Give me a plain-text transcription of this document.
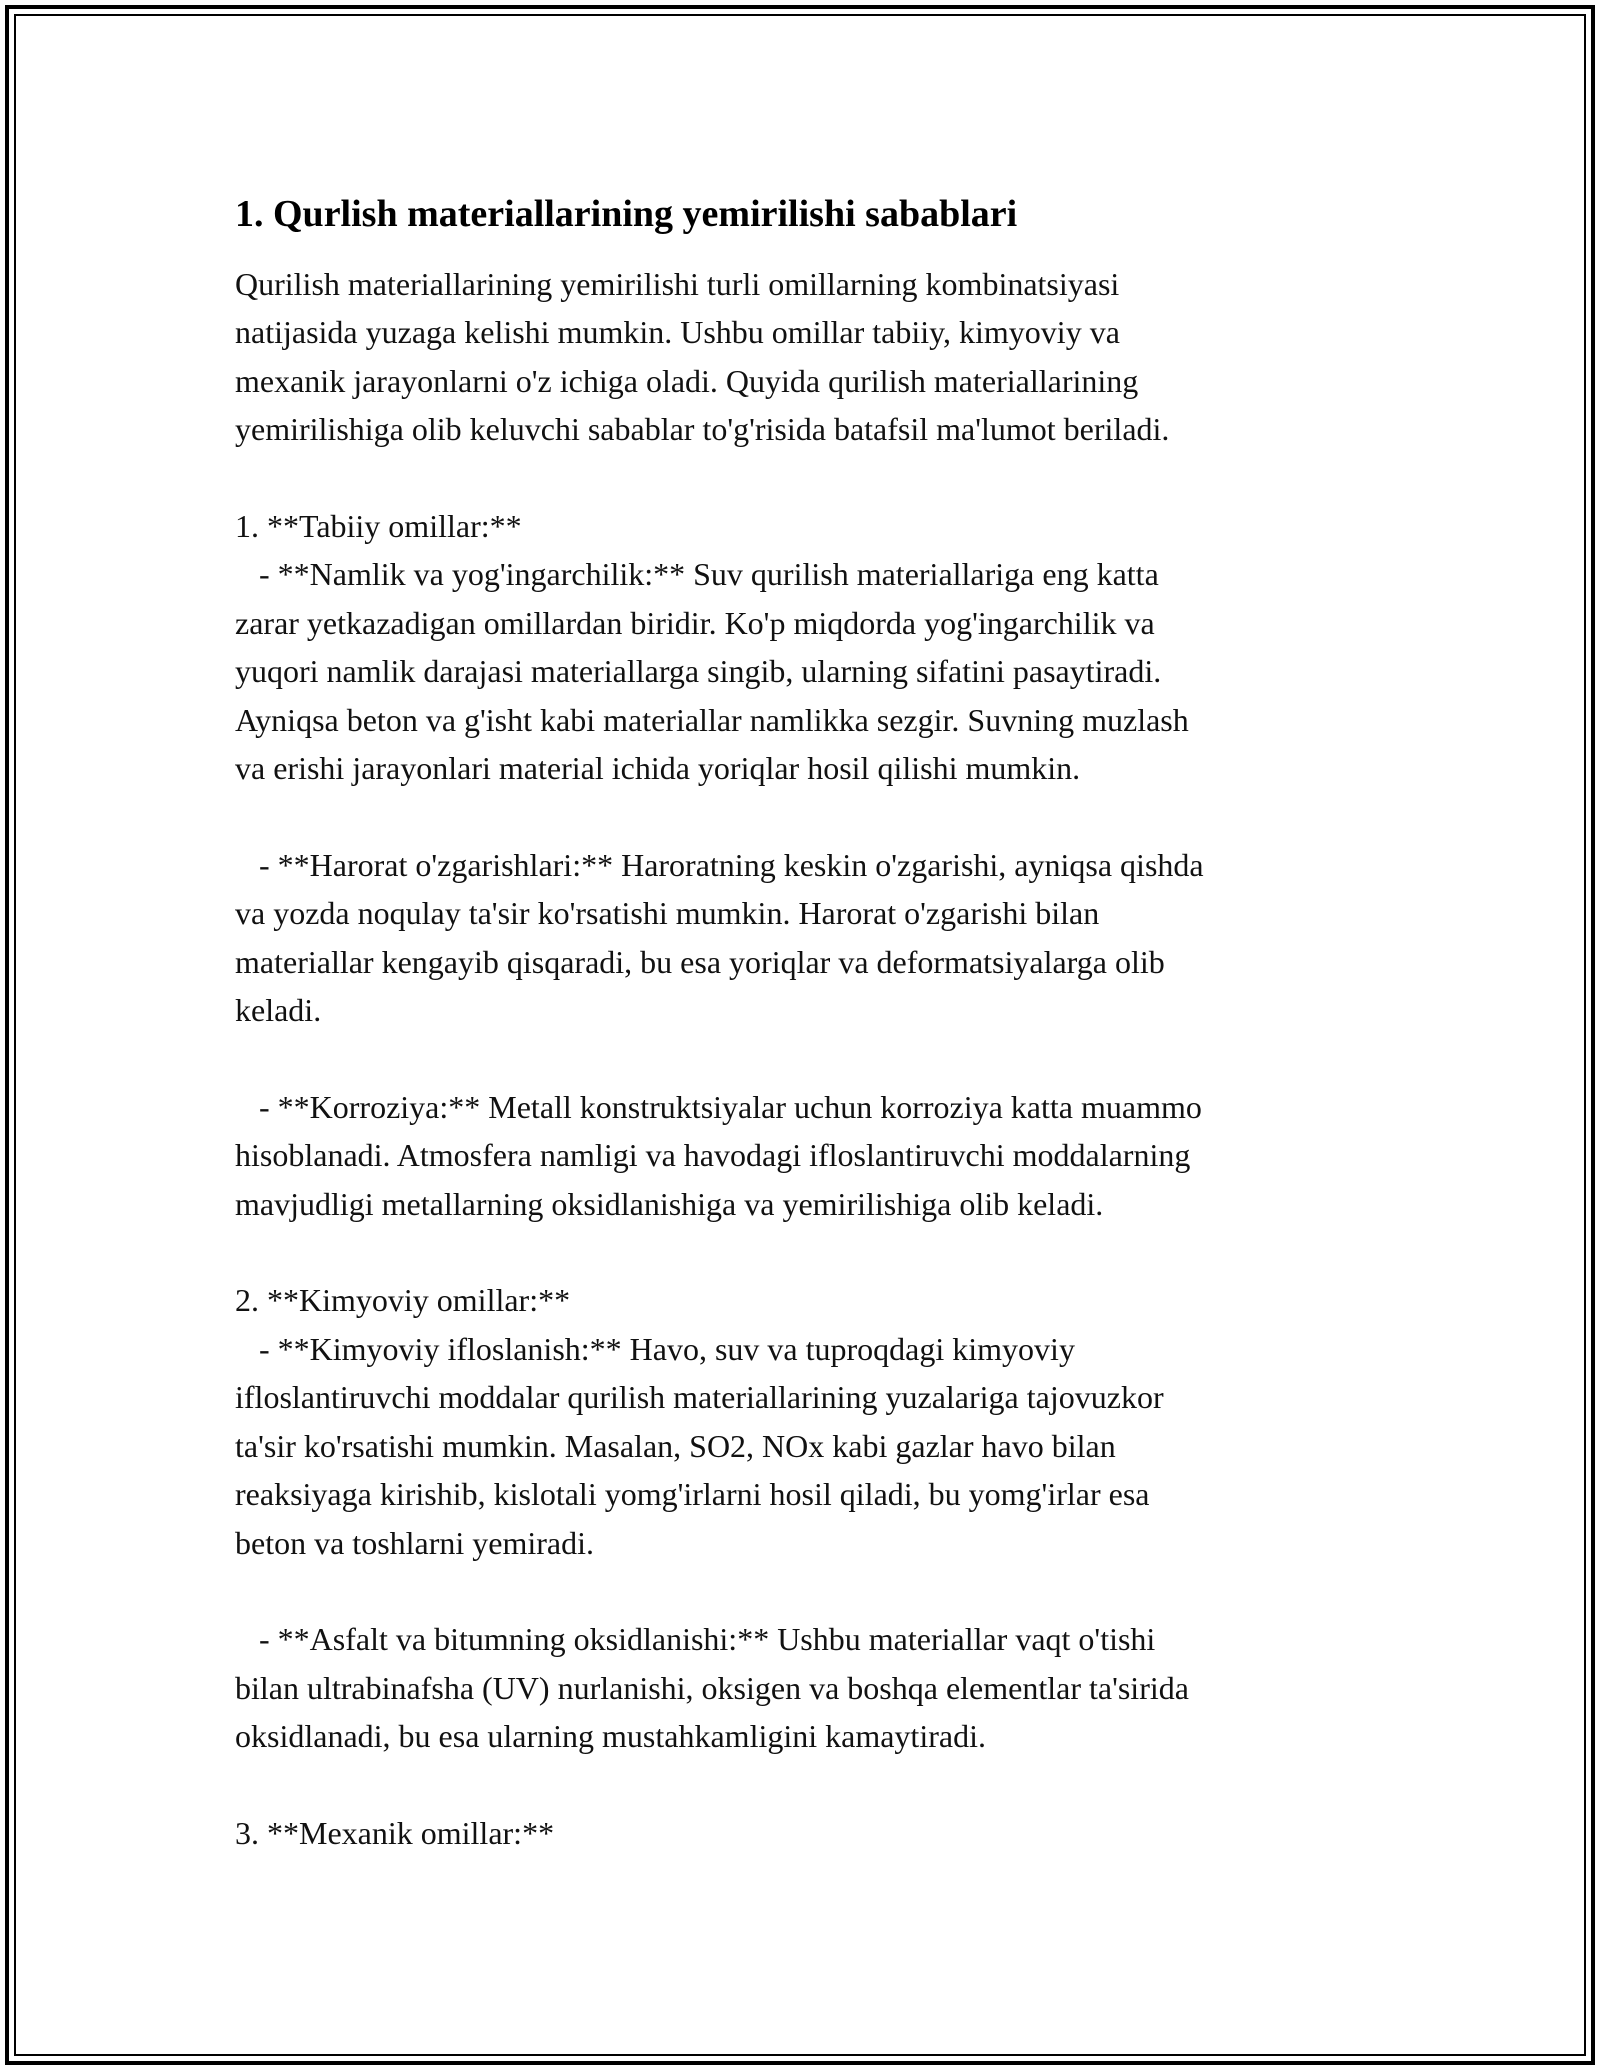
1. Qurlish materiallarining yemirilishi sabablari
Qurilish materiallarining yemirilishi turli omillarning kombinatsiyasi
natijasida yuzaga kelishi mumkin. Ushbu omillar tabiiy, kimyoviy va
mexanik jarayonlarni o'z ichiga oladi. Quyida qurilish materiallarining
yemirilishiga olib keluvchi sabablar to'g'risida batafsil ma'lumot beriladi.
1. **Tabiiy omillar:**
- **Namlik va yog'ingarchilik:** Suv qurilish materiallariga eng katta
zarar yetkazadigan omillardan biridir. Ko'p miqdorda yog'ingarchilik va
yuqori namlik darajasi materiallarga singib, ularning sifatini pasaytiradi.
Ayniqsa beton va g'isht kabi materiallar namlikka sezgir. Suvning muzlash
va erishi jarayonlari material ichida yoriqlar hosil qilishi mumkin.
- **Harorat o'zgarishlari:** Haroratning keskin o'zgarishi, ayniqsa qishda
va yozda noqulay ta'sir ko'rsatishi mumkin. Harorat o'zgarishi bilan
materiallar kengayib qisqaradi, bu esa yoriqlar va deformatsiyalarga olib
keladi.
- **Korroziya:** Metall konstruktsiyalar uchun korroziya katta muammo
hisoblanadi. Atmosfera namligi va havodagi ifloslantiruvchi moddalarning
mavjudligi metallarning oksidlanishiga va yemirilishiga olib keladi.
2. **Kimyoviy omillar:**
- **Kimyoviy ifloslanish:** Havo, suv va tuproqdagi kimyoviy
ifloslantiruvchi moddalar qurilish materiallarining yuzalariga tajovuzkor
ta'sir ko'rsatishi mumkin. Masalan, SO2, NOx kabi gazlar havo bilan
reaksiyaga kirishib, kislotali yomg'irlarni hosil qiladi, bu yomg'irlar esa
beton va toshlarni yemiradi.
- **Asfalt va bitumning oksidlanishi:** Ushbu materiallar vaqt o'tishi
bilan ultrabinafsha (UV) nurlanishi, oksigen va boshqa elementlar ta'sirida
oksidlanadi, bu esa ularning mustahkamligini kamaytiradi.
3. **Mexanik omillar:**
